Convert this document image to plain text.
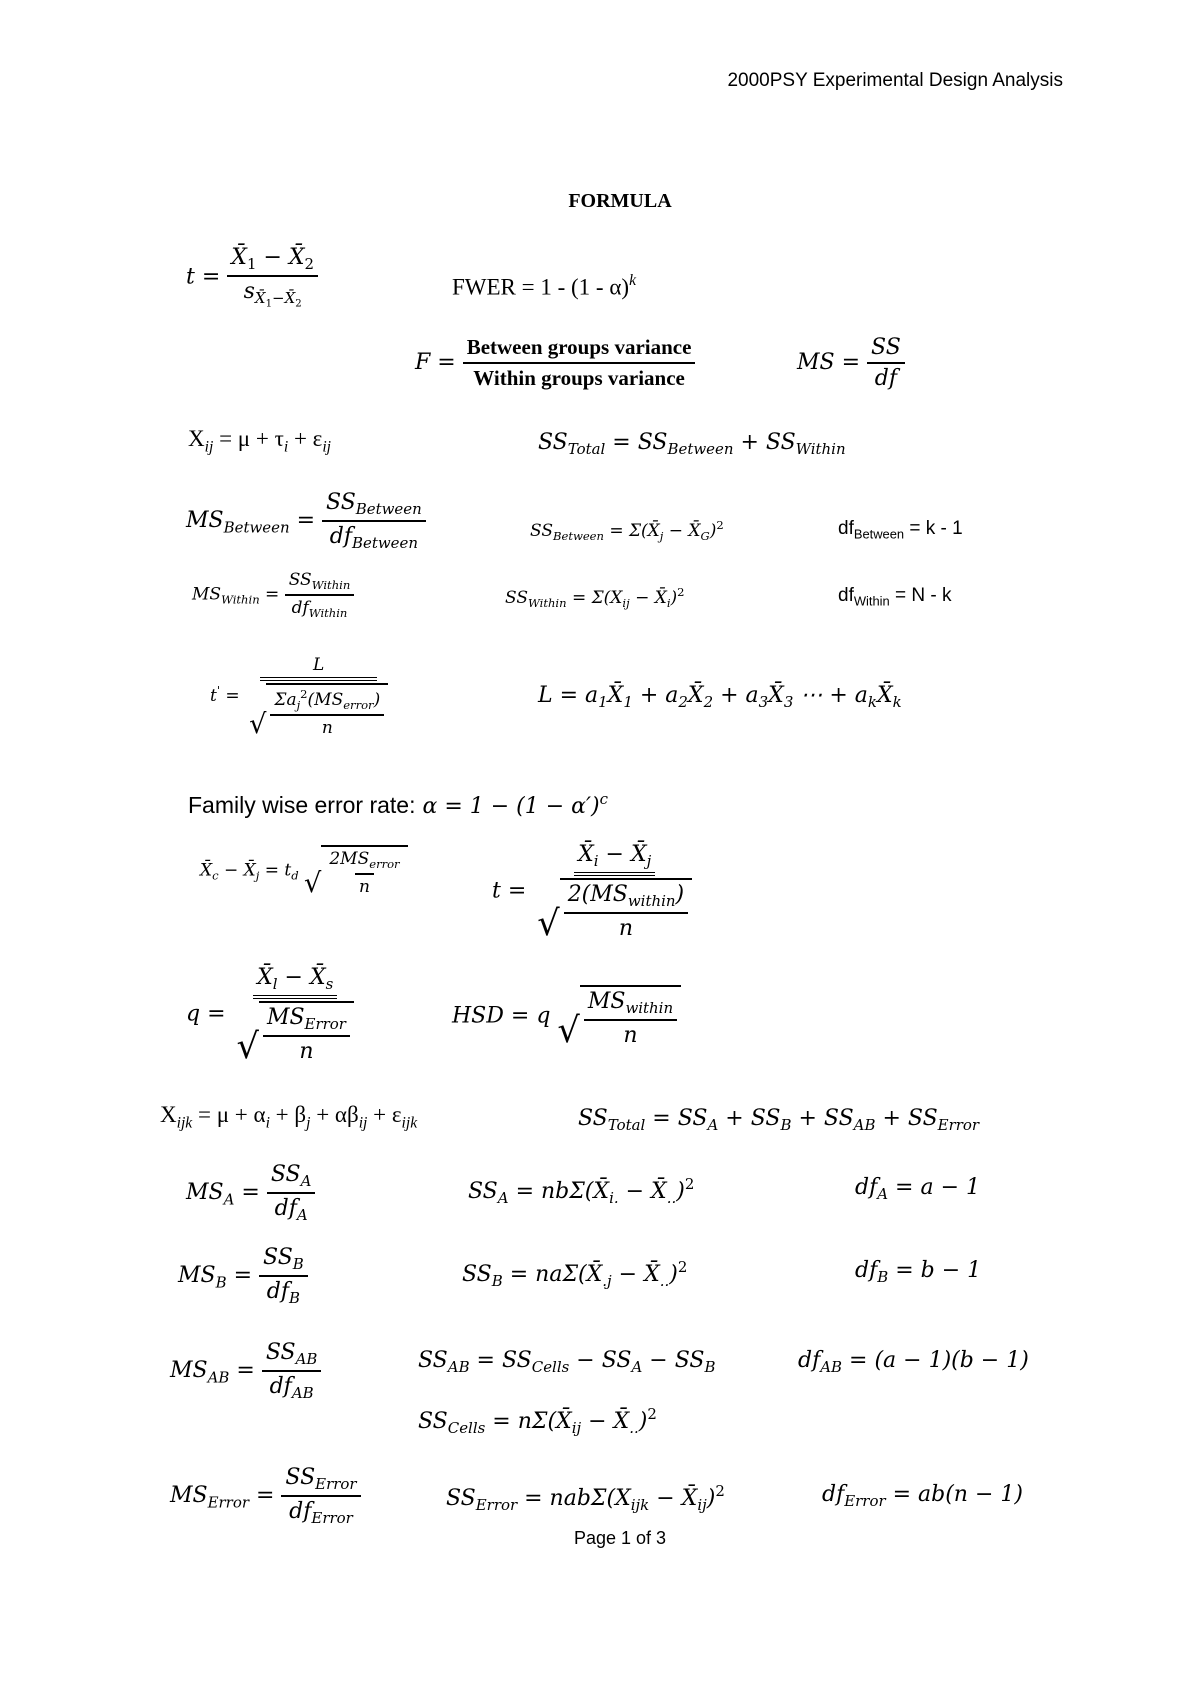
2000PSY Experimental Design Analysis
FORMULA
$t = \frac{X̄_1 - X̄_2}{s_{X̄_1-X̄_2}}$	FWER = 1 - (1 - α)$^k$
$F = \frac{\text{Between groups variance}}{\text{Within groups variance}}$	MS = $\frac{SS}{df}$
$X_{ij} = \mu + \tau_i + \varepsilon_{ij}$	$SS_{Total} = SS_{Between} + SS_{Within}$
$MS_{Between} = \frac{SS_{Between}}{df_{Between}}$	$SS_{Between}$ = $\Sigma(X̄_j$ − $X̄_G)^2$	$df_{Between} = k - 1$
$MS_{Within} = \frac{SS_{Within}}{df_{Within}}$	$SS_{Within} = \Sigma(X_{ij}$ − $X̄_i)^2$	$df_{Within} = N - k$
$t' = \frac{L}{√ \frac{\Sigma a_j^2(MS_{error})}{n}}$	$L = a_1X̄_1$ + $a_2X̄_2$ + $a_3X̄_3$ ⋯ + $a_kX̄_k$
Family wise error rate: $\alpha = 1 - (1 - \alpha')^c$
$X̄_c$ − $X̄_j = t_d$ √ $\frac{2MS_{error}}{n}$	$t = \frac{X̄_i - X̄_j}{√ \frac{2(MS_{within})}{n}}$
$q = \frac{X̄_l - X̄_s}{√ \frac{MS_{Error}}{n}}$	HSD = q √ $\frac{MS_{within}}{n}$
$X_{ijk} = \mu + \alpha_i + \beta_j + \alpha\beta_{ij} + \varepsilon_{ijk}$	$SS_{Total} = SS_A + SS_B + SS_{AB} + SS_{Error}$
$MS_A = \frac{SS_A}{df_A}$	$SS_A$ = $nb\Sigma(X̄_{i.}$ − $X̄_{..})^2$	$df_A = a - 1$
$MS_B = \frac{SS_B}{df_B}$	$SS_B$ = $na\Sigma(X̄_{.j}$ − $X̄_{..})^2$	$df_B = b - 1$
$MS_{AB} = \frac{SS_{AB}}{df_{AB}}$	$SS_{AB} = SS_{Cells} - SS_A - SS_B$	$df_{AB} = (a - 1)(b - 1)$
$SS_{Cells}$ = $n\Sigma(X̄_{ij}$ − $X̄_{..})^2$
$MS_{Error} = \frac{SS_{Error}}{df_{Error}}$	$SS_{Error} = nab\Sigma(X_{ijk}$ − $X̄_{ij})^2$	$df_{Error} = ab(n - 1)$
Page 1 of 3
